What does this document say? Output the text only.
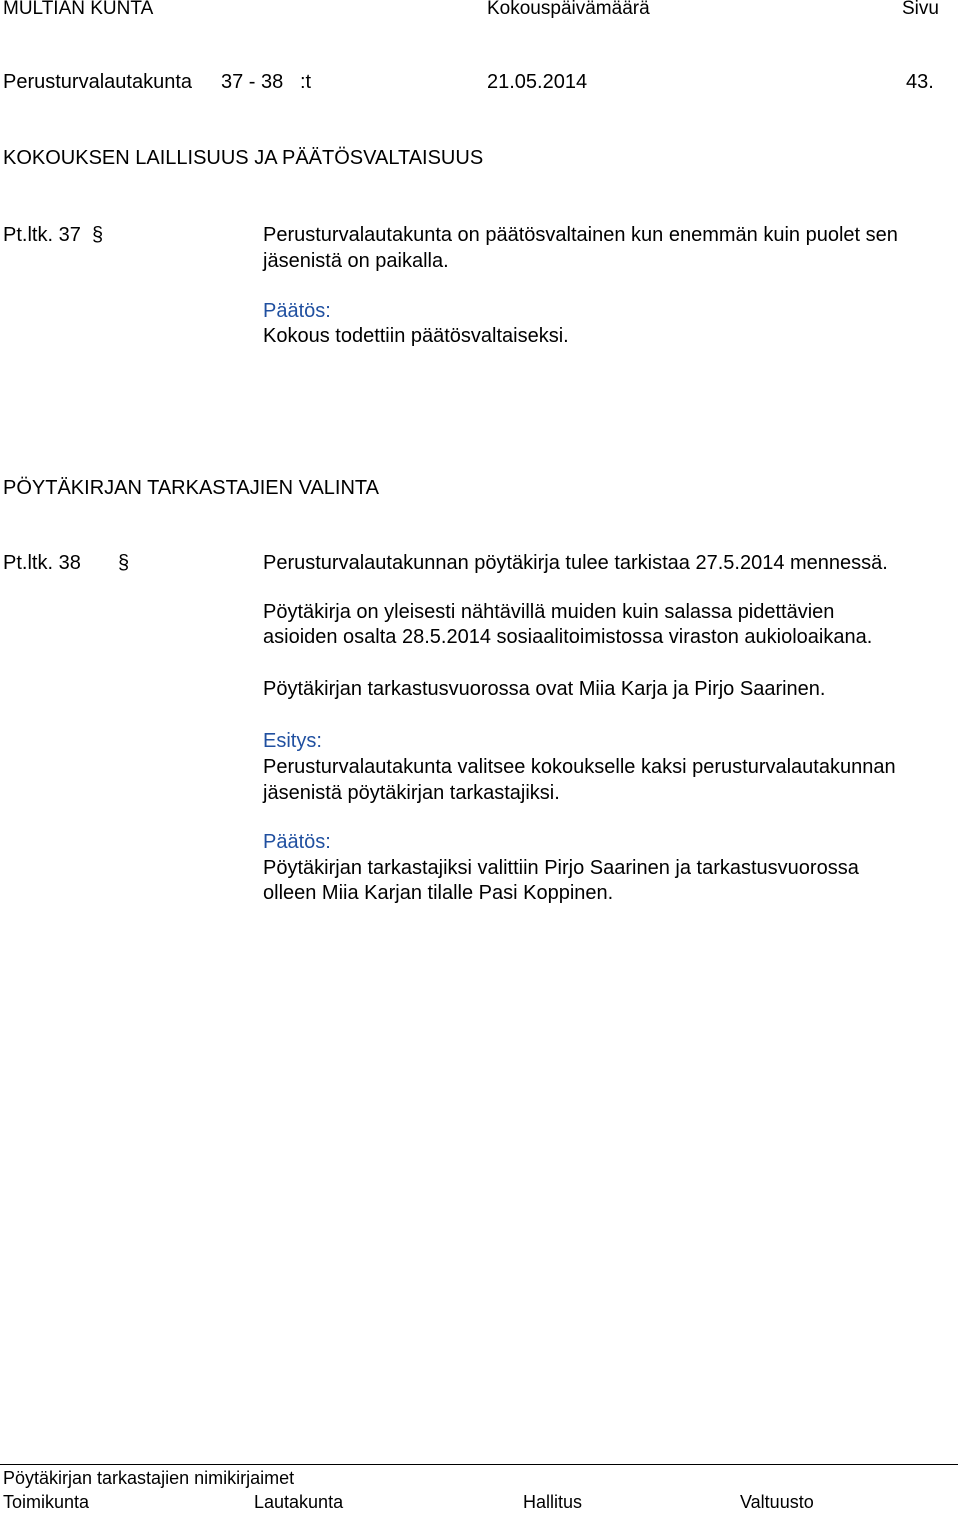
MULTIAN KUNTA	Kokouspäivämäärä	Sivu
Perusturvalautakunta 37 - 38 :t	21.05.2014	43.
KOKOUKSEN LAILLISUUS JA PÄÄTÖSVALTAISUUS
Pt.ltk. 37 §	Perusturvalautakunta on päätösvaltainen kun enemmän kuin puolet sen
jäsenistä on paikalla.
Päätös:
Kokous todettiin päätösvaltaiseksi.
PÖYTÄKIRJAN TARKASTAJIEN VALINTA
Pt.ltk. 38 §	Perusturvalautakunnan pöytäkirja tulee tarkistaa 27.5.2014 mennessä.
Pöytäkirja on yleisesti nähtävillä muiden kuin salassa pidettävien
asioiden osalta 28.5.2014 sosiaalitoimistossa viraston aukioloaikana.
Pöytäkirjan tarkastusvuorossa ovat Miia Karja ja Pirjo Saarinen.
Esitys:
Perusturvalautakunta valitsee kokoukselle kaksi perusturvalautakunnan
jäsenistä pöytäkirjan tarkastajiksi.
Päätös:
Pöytäkirjan tarkastajiksi valittiin Pirjo Saarinen ja tarkastusvuorossa
olleen Miia Karjan tilalle Pasi Koppinen.
Pöytäkirjan tarkastajien nimikirjaimet
Toimikunta	Lautakunta	Hallitus	Valtuusto
